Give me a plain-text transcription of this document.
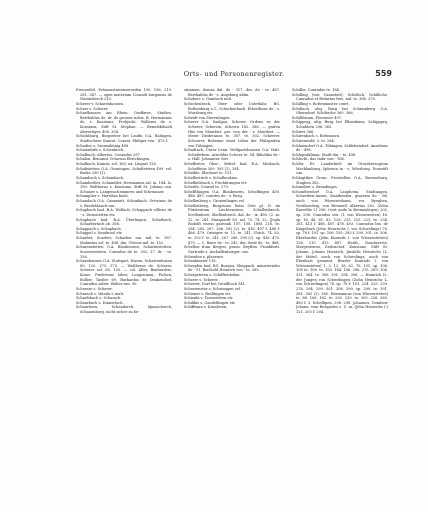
Orts- und Personenregister.	559

Freuenthil, Prämonstratenserorden 190. 196. 219. 281. 347. — ogen materiam Conradi burgensis de Nuremberch 219.

Scherer v. Scharenhausen.

Scherr s. Scherer.

Scharfhausen am Rhein, Ossffarre, Stadtes. Berthaldus de, dr. de grorem nobis. B. Hermannus de, s. Konstanz, Probjecki. Wallarus de s. Konstanz, Stift St. Stephan. — Benedikthaeli Abwertiger. 498. 304.

Schichtburg, Burgreiter bei Laufin O.A. Balingen, Stadtschrer. Kunrat, Conrat, Ebiliger von - 473 f.

Schadier s. Szenenkünig 498.

Schaienbirh s. Schenbirch.

Schalbuch, Albertus, Conradus 297.

Schalen, Benumst Octavum Ebrtchingen.

Schalbuch, Kunrat, sol. 160; ux. Lingart 126.

Schabstetten O.A. Gruningen. Schaftsteten 499. rel. Broke 290 (1).

Schambech s. Schambach.

Schamberlier, Schambler, Hermannus sal. in. 184. lo. 190. Waltherus s. Konstanz, Stift St. Johann can. Schaner s. Langenschemmern und Schrumaer.

Schamplier s. Harribas kauh.

Schandach O.A. Cannstatt, Schanbach. Ortwinus de s. Braiteblanch ran.

Schapbach bad. B.A. Wolfach, Schappach villicus de - s. Durnstetten etr.

Schapbach bad. B.A. Überlingen, Schatbach, Scharbertach ob. 388.

Schappach s. Schapbach.

Schappel s. Sumbrool etr.

Scharber, Scarber, Scharber em. mil. te. 387. Mahnrius sol. te. 496. dm. Ulrious mil. te. 152.

Scharenstetten O.A. Blaubeuren, Scharnestetten, Scarenesteten. Corradus de te. 302. 17. dr. - te. 156.

Scharnhausen O.A. Stuttgart, Husen, Scharrenhusen 89. 120. 273. 370. — Waltherus de. Scherer, Scherer sol. 65. 120. — col. Aller, Benhardeis, Koms, Friderious laher, Lengouman, Fichen, Bollier, Tastler 69. Barkardus de Denkendorf, Conradus salter. Walter ran. 90.

Scherare s. Scherer.

Scharach s. Wanda-2 mult.

Scharfsbach s. Scharach.

Schaurbach s. Dinnerlach.

Schaurbern, Schandorch, Spanschorch, Schauenborg, nicht sicher zu be-

stimmen. domus dal. de - 317. dos. de - te. 487. Berthaldus de - s. Augsburg ablm.

Schoberc s. Gambach mül.

Schechenbech, Ober- oder Unterlahr. BG. Rothenburg a.T., Scheckenbach. Etbertlinus de - s. Wurzburg etr.

Scheidt von Sterenlingen.

Scherer O.A. Saulgau, Scherer, Ordens ze der Scherer, Scherrin, Scherrn 182. 286. — grafen Hiir von Montfort. gre. von der - s. Montfort. — Meier Diederanns te. 387. te. 302. Scherrer, Schoerer, Bebenne einer Lilien der Pfalzgrafen von Tübingen.

Schaiftach, Unter Lenn. Wolfgartshausen O.A. Halt. Scheferfurn. Arnoldus Sclecer te. 94. Bilioldus de - s. Hall. Johannter. fort.

Scheffester, Ober-, Mittel- bad. B.A. Mosbach, Schelfstus 309. 305 (2). 294.

Scheible, Eberhart te. 131.

Schelfestrieb s. Schalbrodam.

Schefkelsbach s. Fischbrungen etr.

Scheitle, Conrad te. 279.

Schelfthingen O.A. Blaubeuren, Schelfingen 450. 486. 487. comites de - s. Berg.

Schellenberg s. Gronenlingen vel.

Schellenberg, Burgruine beim Orte gl. N. im Fürstentum Liechtenstein, Schellenbrech, Scellenbere, Shellenberch. dal. de - ix. 480. (2. m. 12. te. 241. Marquardt 83. sal. 73. 74. 22. (Jegla Rodolfi viseos garenah 107. 108. 168f. 218. te. 284. 285. 287. 286. 392 (2). te. 416. 497 f. 486 f. 486. 479. Ortrigew te. 12. te. 241. Ulrich. 74. 83. te. 392 f. te. 241. 267. 286. 296 (2). op. 436. 470. 470. — C. Baire de - te. 242. dm. Seite de - te. 488.

Schellon from Bergen, praon. BeyBen. Frankfurti. Gertrude s. Aschaffenburger. can.

Schenden s. planeure.

Schenkmeier 118.

Scherpfen bad. BG. Burgau, Sheppach. ministeriales de - 91. Berthold Heinrich von - te. 385.

Scherpeteten s. Schifftenkehm.

Scherre s. Scherer.

Scherrer, Dorf bei Ostalfhoch 341.

Scherrenster s. Schrinngen vel.

Schiener s. Brallingen etr.

Schienki s. Dornstetten etr.

Schilikis s. Gandelfingen etr.

Schiffraun s. Kranleven.

Schiller, Cunradus te. 184.

Schilling (von Cannstatt), Schillech, Schilliche, Cunradus et Britarius fres. mil. te. 366. 370.

Schilling v. Rottenmuster convt.

Schiltach, abg. Burg bei Schramberg O.A. Oberndorf, Schilteche 360. 366.

Schiltbrunn, Florenver 497.

Schippryg, abg. Burg bei Elbendams, Schippprg, Schahlern 296. 365.

Schirer 366.

Schirenbach s. Rebenasrn.

Schirenwald, 3. te. 284.

Schlaiendorf O.A. Tübingen, Schlebendorf. Anselmus de - 498.

Schlapwiklinan, Stadt dm. - te. 496.

Schlecht, das Indir von - 166.

Schlör Ev. Landerkieb im Grossherzogtum Mecklenburg, Spheron in - s. Würzburg. Domstift can.

Schlagtibre Grom. Freistellen O.A. Ravensburg, Slughen 382.

Schmelzer s. Brandinges.

Schonebesdorf O.A. Laupheim, Stadtangen, Schreiben-Ausen, Smaibenten. gtaverm de - 86. auch von Wisenwedaum, vos Byeghen, Vorüberolenj, von Bremerf) Albertus 282. (Zohn Rarrellie I.) 296. (vert ande la Bremenlegen) 202. sp. 296. Cunradus sen. (I. von Wisenwesten) 16. sp. 16. 48. 61. 82. 128. 213. 215. 221. te. 234. 261. 413 f. 488. 487. 478. 493. Cunradus bm. de Kingeborn (Jehn Heurrichs I. vos Schwelings) 78. sp. 78 f. 101. sp. 106. 195. 285 f. 299. 301. te. 306. Ekerhardus (Jehn Kunrads I. von Wiesenstetten) 126. 215. 413. 487. Herkt., Domherrvte. Morgestenen, Erzbischof. Konstanz, Stift St. Johann. Johann Heinrich, Jinsfalls Heinrichs (L. der Mittel, noch von Schwelings, auch von Ebenhart genannt, Bruder Kunrads I. von Wiesensteten) 1. 2. 12. 38. 62. 78. 101. sp. 106. 108 te. 108. te. 155. 184. 186. 288. 215. 289. 304. 331. 364. te. 389. 391. 394. 396. — Heinrich II., der Jungen von Schwelingen (Zohn Heinrichs L. von Schwelingen) 78. sp. 78 f. 101. 224. 225. 239. 276. 294. 299. 301. 306. 390. sp. 299. te. 391. 381. 383 (2). 385. Hermannus (von Wiesensteten) te. 88. 106. 162. te. 292. 230. te. 309. 326. 380. 480 f. 3. Schellipen, 298. 298. Johannes, Domherr Johann, vem Beispieles s. U. m. (Jehn Heinrichs I.) 121. 203 f. 204.
